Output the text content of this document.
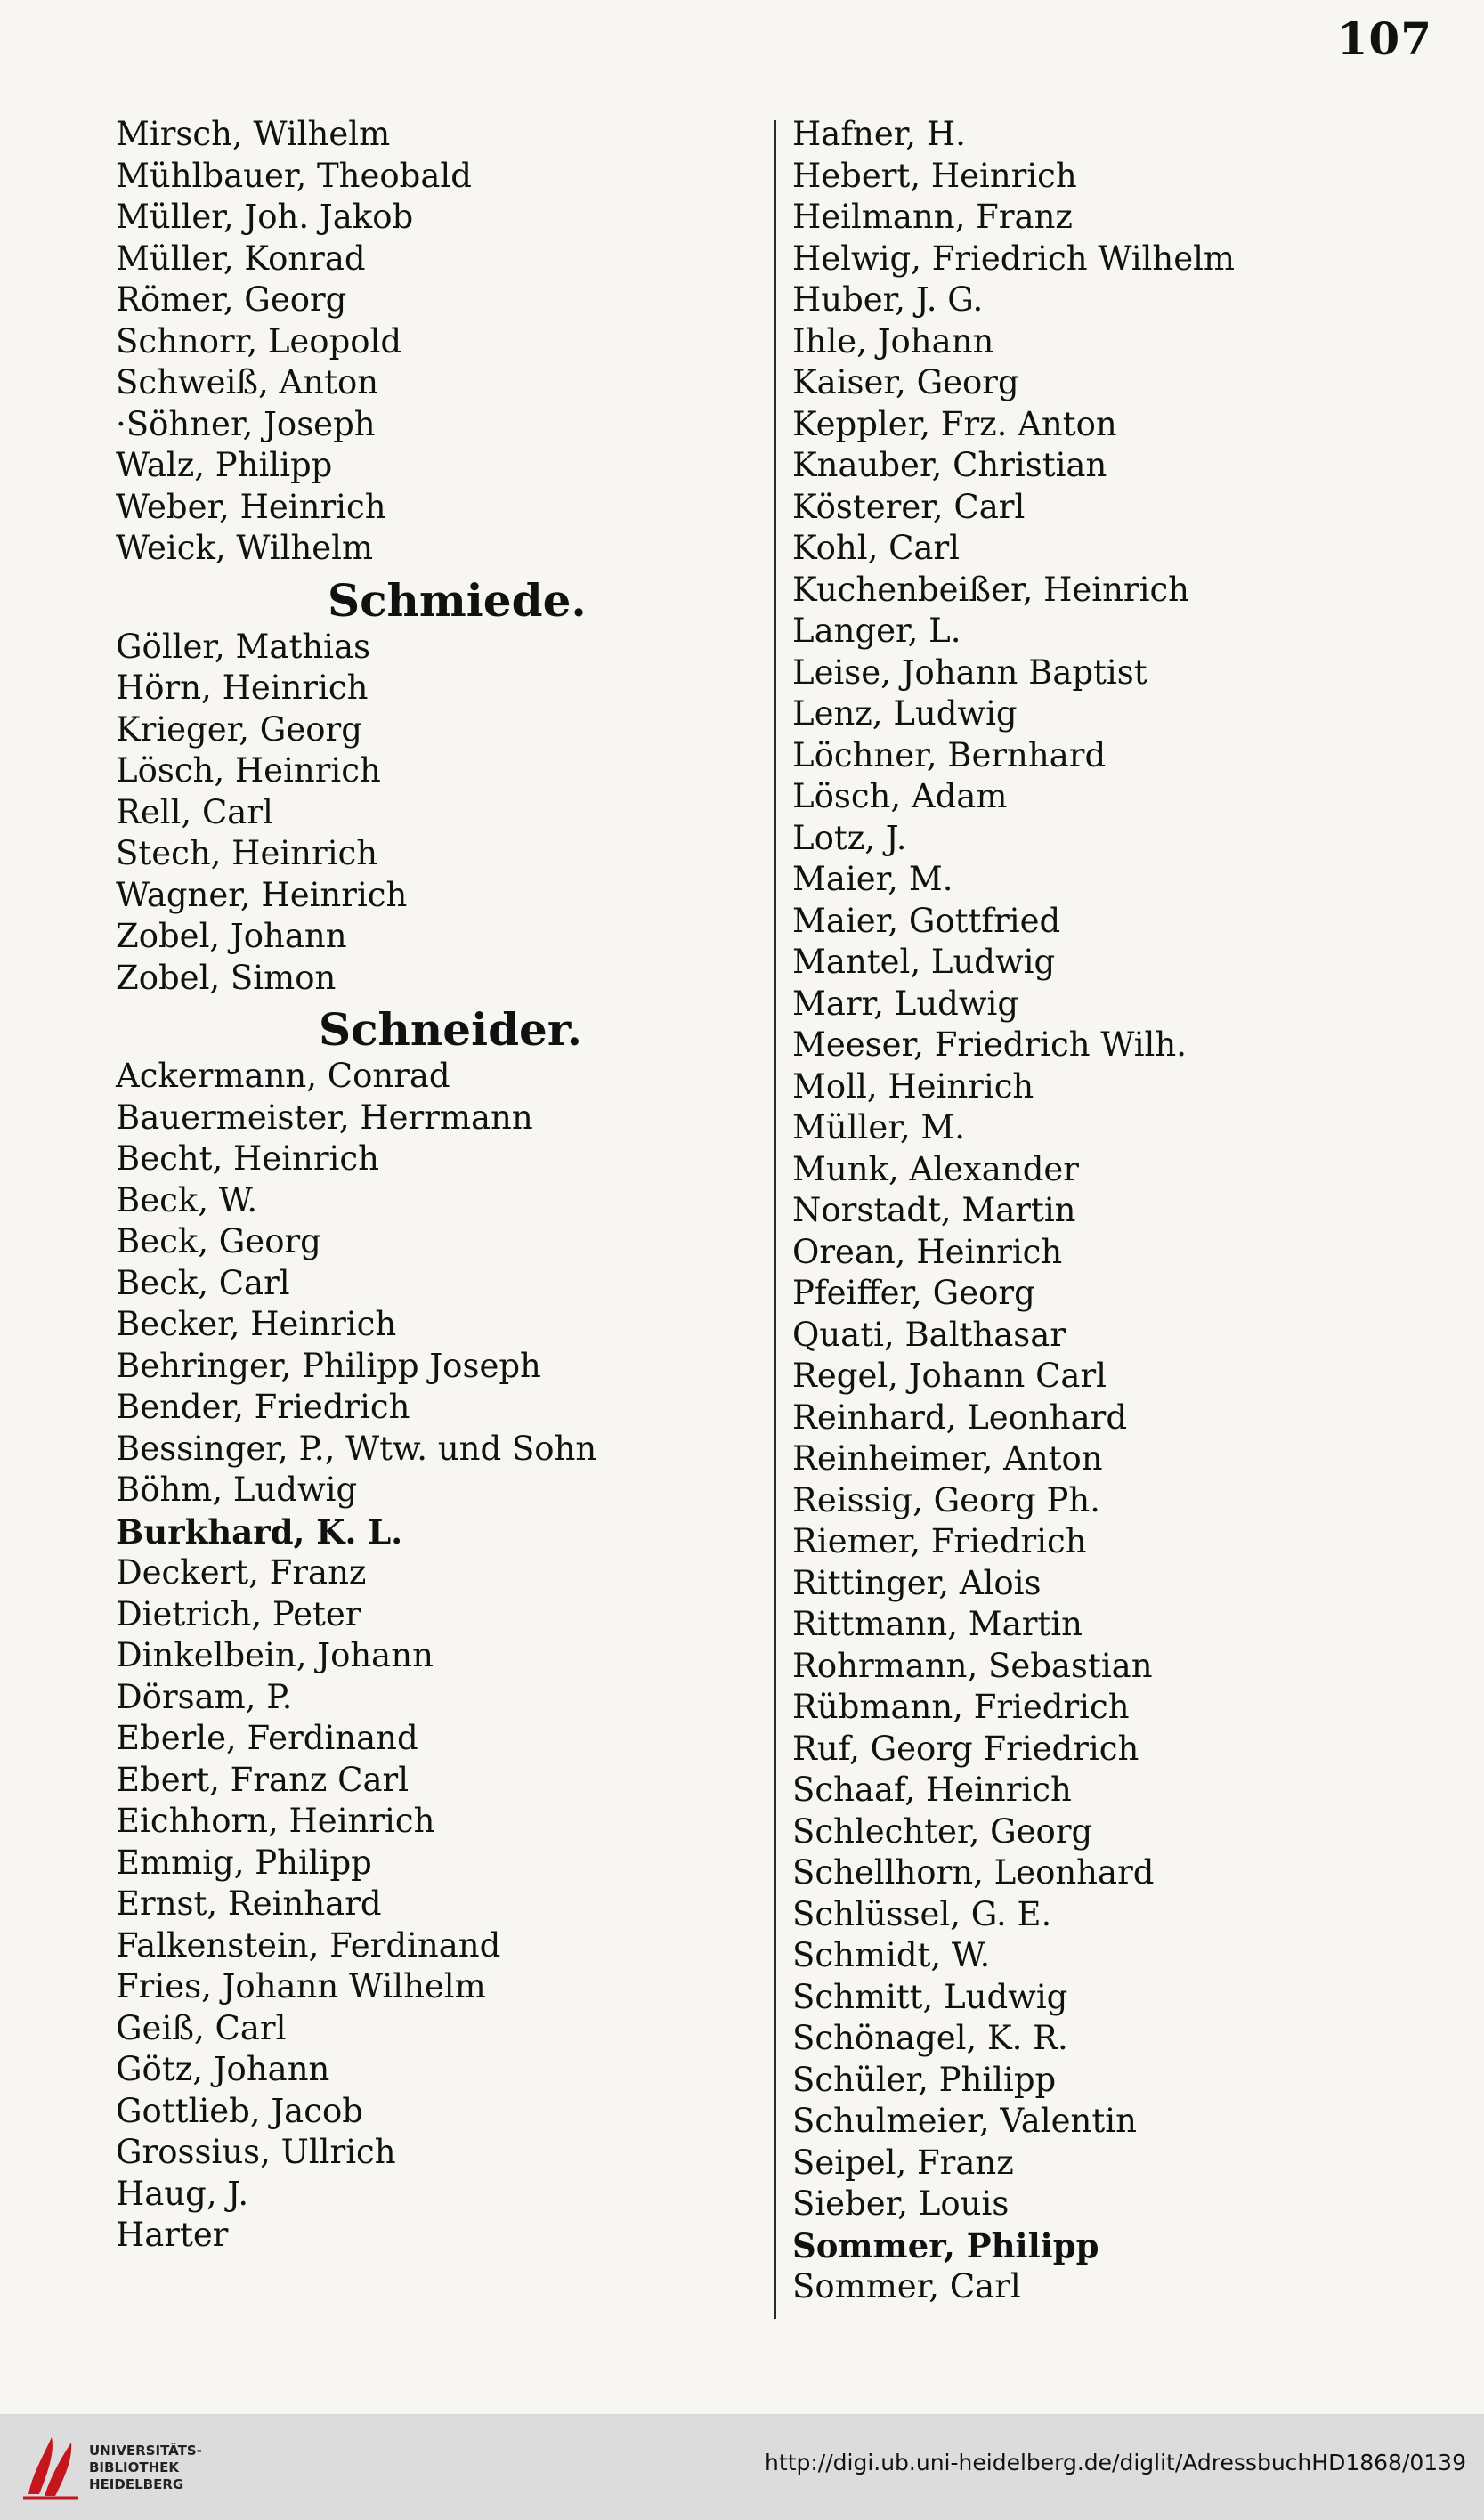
107
Mirsch, Wilhelm
Mühlbauer, Theobald
Müller, Joh. Jakob
Müller, Konrad
Römer, Georg
Schnorr, Leopold
Schweiß, Anton
·Söhner, Joseph
Walz, Philipp
Weber, Heinrich
Weick, Wilhelm
Schmiede.
Göller, Mathias
Hörn, Heinrich
Krieger, Georg
Lösch, Heinrich
Rell, Carl
Stech, Heinrich
Wagner, Heinrich
Zobel, Johann
Zobel, Simon
Schneider.
Ackermann, Conrad
Bauermeister, Herrmann
Becht, Heinrich
Beck, W.
Beck, Georg
Beck, Carl
Becker, Heinrich
Behringer, Philipp Joseph
Bender, Friedrich
Bessinger, P., Wtw. und Sohn
Böhm, Ludwig
Burkhard, K. L.
Deckert, Franz
Dietrich, Peter
Dinkelbein, Johann
Dörsam, P.
Eberle, Ferdinand
Ebert, Franz Carl
Eichhorn, Heinrich
Emmig, Philipp
Ernst, Reinhard
Falkenstein, Ferdinand
Fries, Johann Wilhelm
Geiß, Carl
Götz, Johann
Gottlieb, Jacob
Grossius, Ullrich
Haug, J.
Harter
Hafner, H.
Hebert, Heinrich
Heilmann, Franz
Helwig, Friedrich Wilhelm
Huber, J. G.
Ihle, Johann
Kaiser, Georg
Keppler, Frz. Anton
Knauber, Christian
Kösterer, Carl
Kohl, Carl
Kuchenbeißer, Heinrich
Langer, L.
Leise, Johann Baptist
Lenz, Ludwig
Löchner, Bernhard
Lösch, Adam
Lotz, J.
Maier, M.
Maier, Gottfried
Mantel, Ludwig
Marr, Ludwig
Meeser, Friedrich Wilh.
Moll, Heinrich
Müller, M.
Munk, Alexander
Norstadt, Martin
Orean, Heinrich
Pfeiffer, Georg
Quati, Balthasar
Regel, Johann Carl
Reinhard, Leonhard
Reinheimer, Anton
Reissig, Georg Ph.
Riemer, Friedrich
Rittinger, Alois
Rittmann, Martin
Rohrmann, Sebastian
Rübmann, Friedrich
Ruf, Georg Friedrich
Schaaf, Heinrich
Schlechter, Georg
Schellhorn, Leonhard
Schlüssel, G. E.
Schmidt, W.
Schmitt, Ludwig
Schönagel, K. R.
Schüler, Philipp
Schulmeier, Valentin
Seipel, Franz
Sieber, Louis
Sommer, Philipp
Sommer, Carl
UNIVERSITÄTS-
BIBLIOTHEK
HEIDELBERG
http://digi.ub.uni-heidelberg.de/diglit/AdressbuchHD1868/0139
